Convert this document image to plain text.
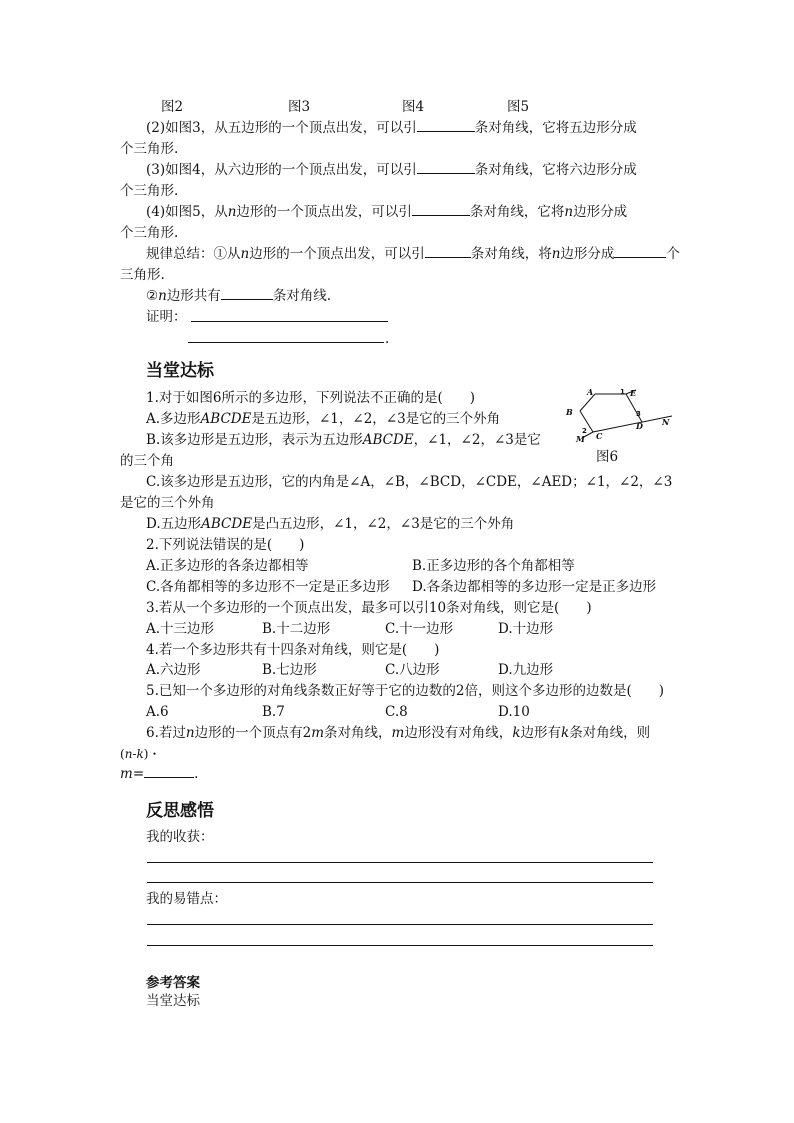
图2	图3	图4	图5
(2)如图3，从五边形的一个顶点出发，可以引	条对角线，它将五边形分成
个三角形.
(3)如图4，从六边形的一个顶点出发，可以引	条对角线，它将六边形分成
个三角形.
(4)如图5，从n边形的一个顶点出发，可以引	条对角线，它将n边形分成
个三角形.
规律总结：①从n边形的一个顶点出发，可以引	条对角线，将n边形分成	个
三角形.
②n边形共有	条对角线.
证明：
.
当堂达标
1.对于如图6所示的多边形，下列说法不正确的是(　　)
A.多边形ABCDE是五边形，∠1，∠2，∠3是它的三个外角
B.该多边形是五边形，表示为五边形ABCDE，∠1，∠2，∠3是它
的三个角
C.该多边形是五边形，它的内角是∠A，∠B，∠BCD，∠CDE，∠AED；∠1，∠2，∠3
是它的三个外角
D.五边形ABCDE是凸五边形，∠1，∠2，∠3是它的三个外角
A
B
C
D
E
M
N
1
2
3
图6
2.下列说法错误的是(　　)
A.正多边形的各条边都相等	B.正多边形的各个角都相等
C.各角都相等的多边形不一定是正多边形 D.各条边都相等的多边形一定是正多边形
3.若从一个多边形的一个顶点出发，最多可以引10条对角线，则它是(　　)
A.十三边形	B.十二边形	C.十一边形	D.十边形
4.若一个多边形共有十四条对角线，则它是(　　)
A.六边形	B.七边形	C.八边形	D.九边形
5.已知一个多边形的对角线条数正好等于它的边数的2倍，则这个多边形的边数是(　　)
A.6	B.7	C.8	D.10
6.若过n边形的一个顶点有2m条对角线，m边形没有对角线，k边形有k条对角线，则
(n-k)・
m=	.
反思感悟
我的收获：
我的易错点：
参考答案
当堂达标
